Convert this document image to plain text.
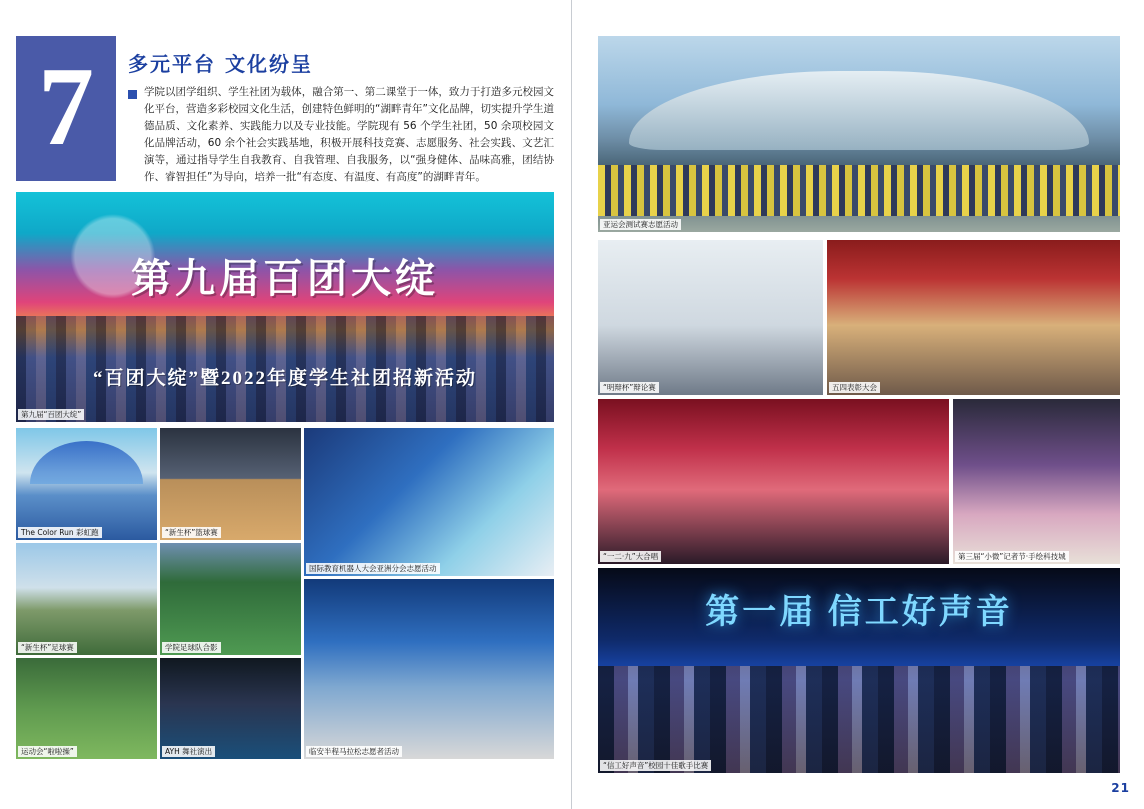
7 多元平台 文化纷呈
学院以团学组织、学生社团为载体，融合第一、第二课堂于一体，致力于打造多元校园文化平台，营造多彩校园文化生活，创建特色鲜明的“湖畔青年”文化品牌，切实提升学生道德品质、文化素养、实践能力以及专业技能。学院现有 56 个学生社团，50 余项校园文化品牌活动，60 余个社会实践基地，积极开展科技竞赛、志愿服务、社会实践、文艺汇演等，通过指导学生自我教育、自我管理、自我服务，以“强身健体、品味高雅，团结协作、睿智担任”为导向，培养一批“有态度、有温度、有高度”的湖畔青年。
第九届百团大绽
“百团大绽”暨2022年度学生社团招新活动
第九届“百团大绽”
The Color Run 彩虹跑	“新生杯”篮球赛
国际教育机器人大会亚洲分会志愿活动
“新生杯”足球赛	学院足球队合影
临安半程马拉松志愿者活动
运动会“啦啦操”	AYH 舞社演出
亚运会测试赛志愿活动
“明辩杯”辩论赛	五四表彰大会
“一二·九”大合唱	第三届“小微”记者节·手绘科技城
第一届 信工好声音
“信工好声音”校园十佳歌手比赛
21
